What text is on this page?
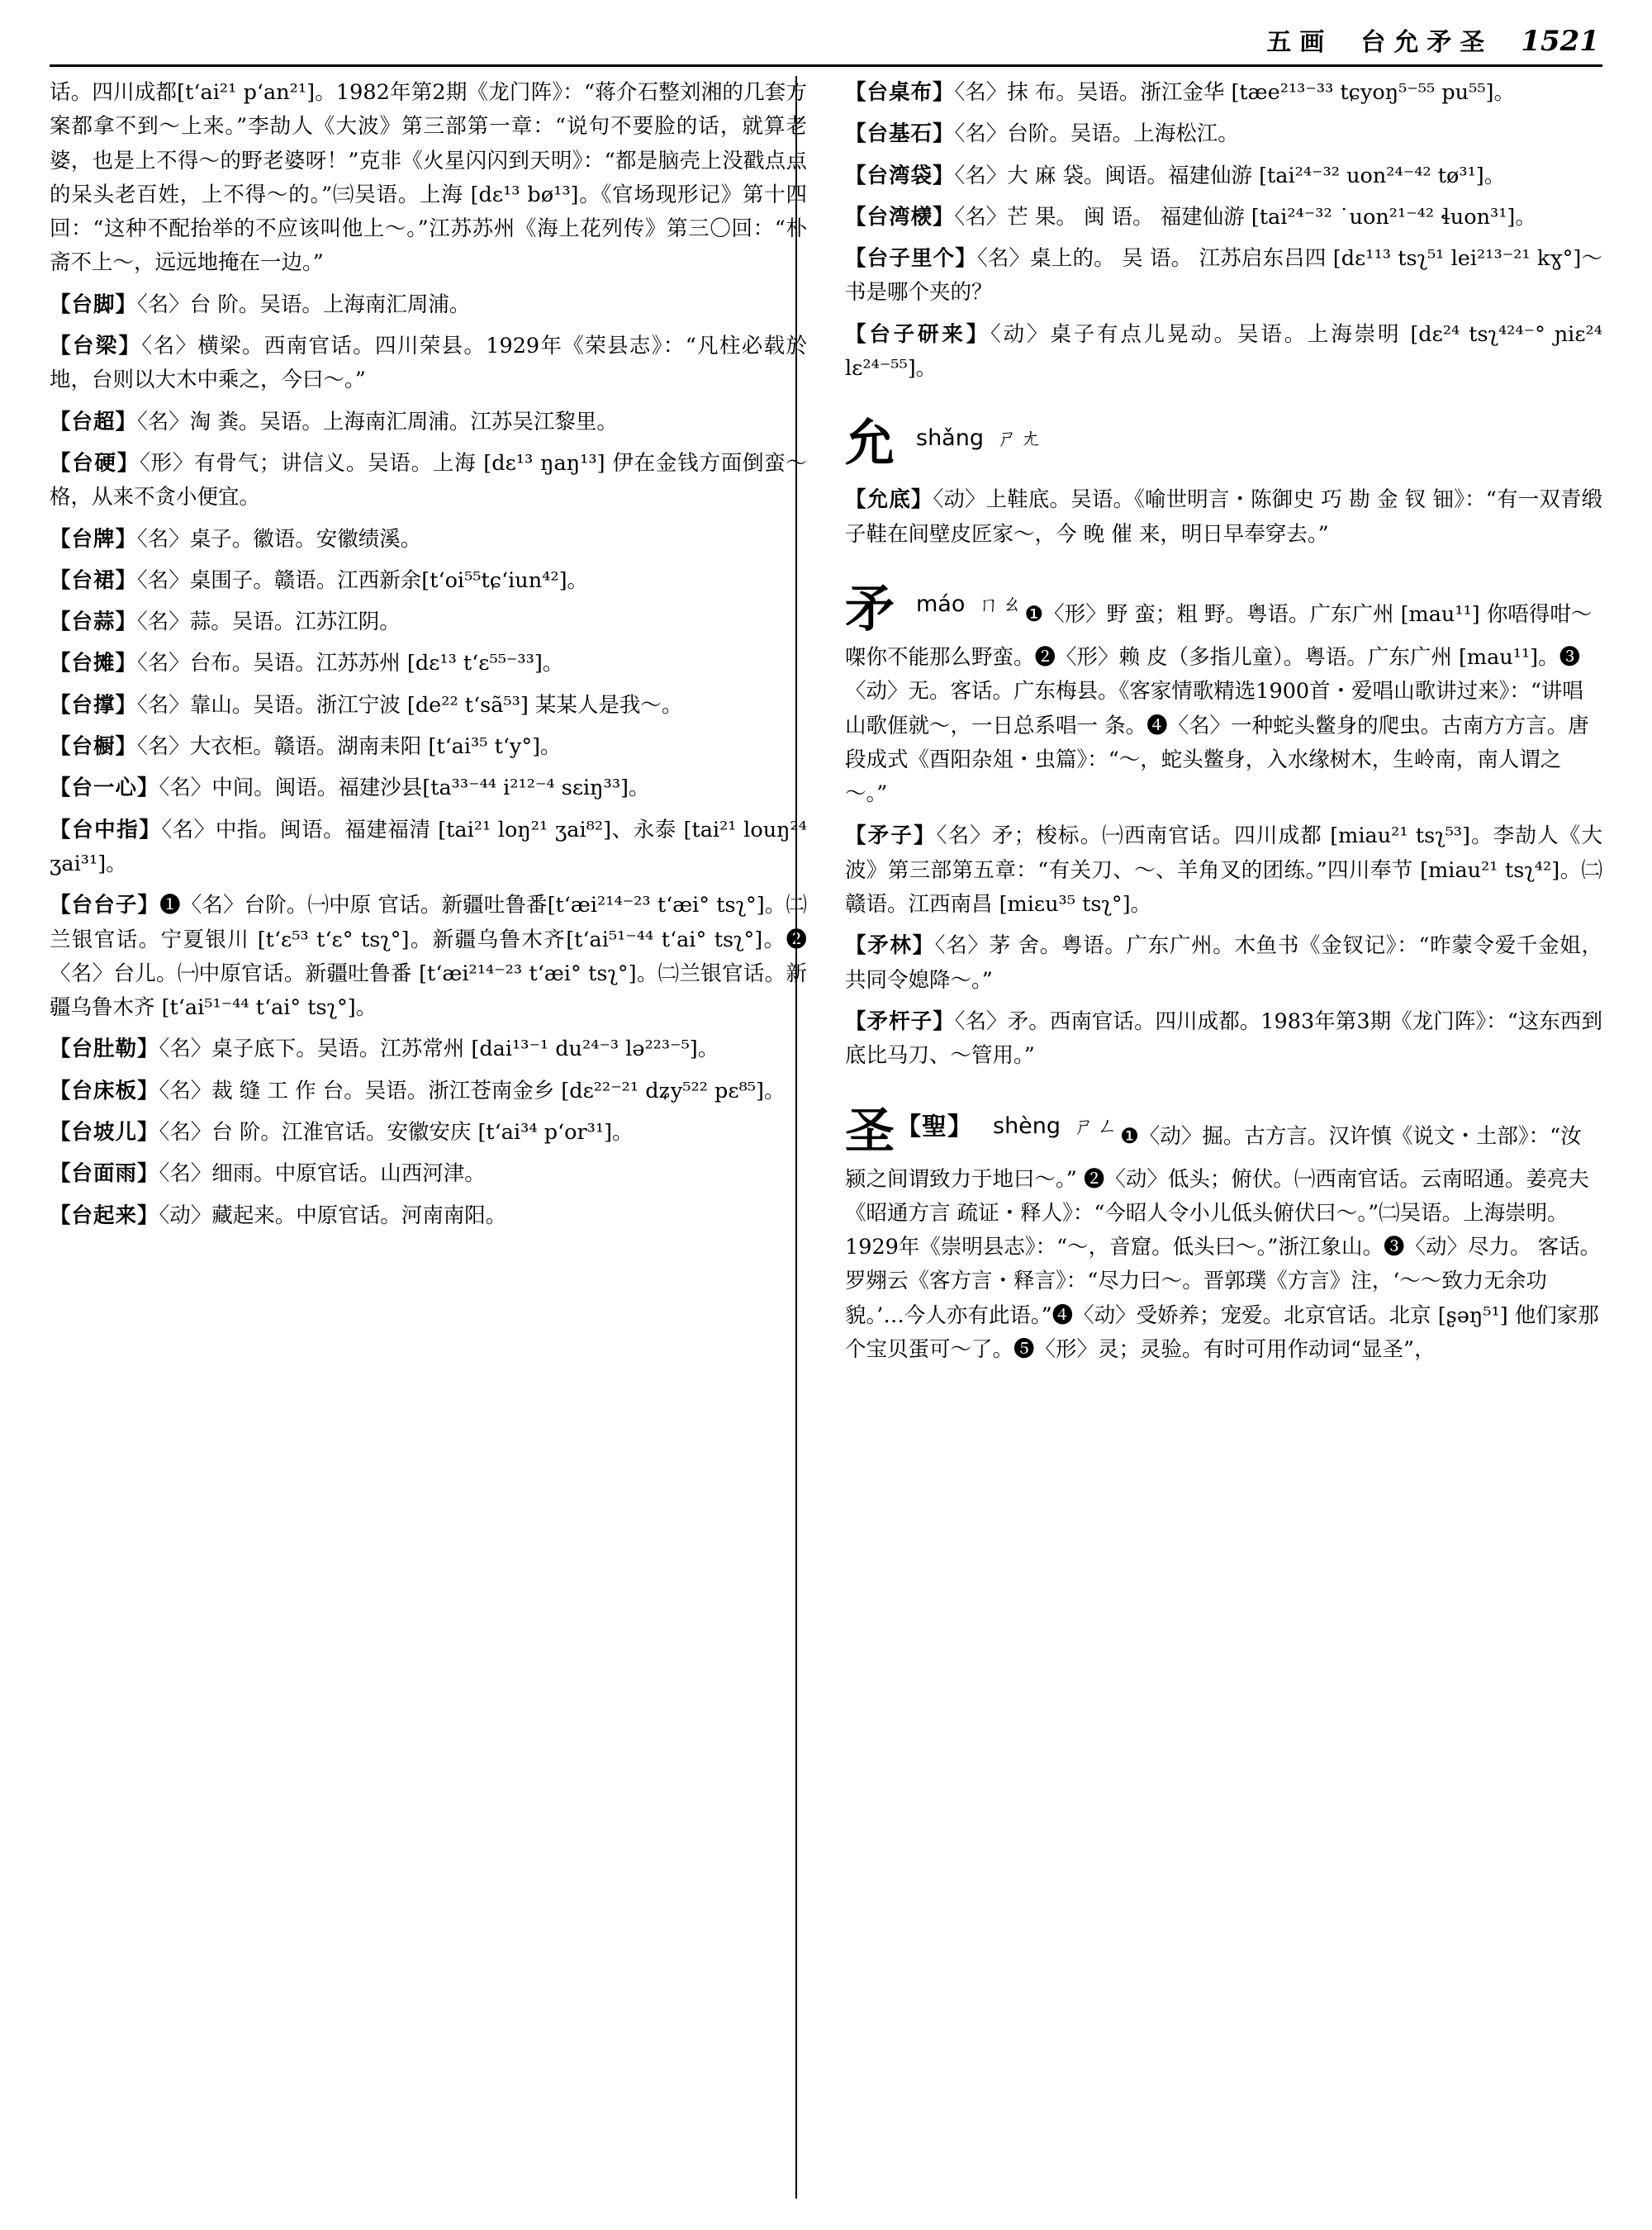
五画 台允矛圣 1521
话。四川成都[tʻai²¹ pʻan²¹]。1982年第2期《龙门阵》：“蒋介石整刘湘的几套方案都拿不到～上来。”李劼人《大波》第三部第一章：“说句不要脸的话，就算老婆，也是上不得～的野老婆呀！”克非《火星闪闪到天明》：“都是脑壳上没戳点点的呆头老百姓，上不得～的。”㈢吴语。上海 [dɛ¹³ bø¹³]。《官场现形记》第十四回：“这种不配抬举的不应该叫他上～。”江苏苏州《海上花列传》第三〇回：“朴斋不上～，远远地掩在一边。”
【台脚】〈名〉台 阶。吴语。上海南汇周浦。
【台梁】〈名〉横梁。西南官话。四川荣县。1929年《荣县志》：“凡柱必载於地，台则以大木中乘之，今曰～。”
【台超】〈名〉淘 粪。吴语。上海南汇周浦。江苏吴江黎里。
【台硬】〈形〉有骨气；讲信义。吴语。上海 [dɛ¹³ ŋaŋ¹³] 伊在金钱方面倒蛮～格，从来不贪小便宜。
【台牌】〈名〉桌子。徽语。安徽绩溪。
【台裙】〈名〉桌围子。赣语。江西新余[tʻoi⁵⁵tɕʻiun⁴²]。
【台蒜】〈名〉蒜。吴语。江苏江阴。
【台摊】〈名〉台布。吴语。江苏苏州 [dɛ¹³ tʻɛ⁵⁵⁻³³]。
【台撑】〈名〉靠山。吴语。浙江宁波 [de²² tʻsã⁵³] 某某人是我～。
【台橱】〈名〉大衣柜。赣语。湖南耒阳 [tʻai³⁵ tʻy°]。
【台一心】〈名〉中间。闽语。福建沙县[ta³³⁻⁴⁴ i²¹²⁻⁴ sɛiŋ³³]。
【台中指】〈名〉中指。闽语。福建福清 [tai²¹ loŋ²¹ ʒai⁸²]、永泰 [tai²¹ louŋ²⁴ ʒai³¹]。
【台台子】❶〈名〉台阶。㈠中原 官话。新疆吐鲁番[tʻæi²¹⁴⁻²³ tʻæi° tsʅ°]。㈡兰银官话。宁夏银川 [tʻɛ⁵³ tʻɛ° tsʅ°]。新疆乌鲁木齐[tʻai⁵¹⁻⁴⁴ tʻai° tsʅ°]。❷〈名〉台儿。㈠中原官话。新疆吐鲁番 [tʻæi²¹⁴⁻²³ tʻæi° tsʅ°]。㈡兰银官话。新疆乌鲁木齐 [tʻai⁵¹⁻⁴⁴ tʻai° tsʅ°]。
【台肚勒】〈名〉桌子底下。吴语。江苏常州 [dai¹³⁻¹ du²⁴⁻³ lə²²³⁻⁵]。
【台床板】〈名〉裁 缝 工 作 台。吴语。浙江苍南金乡 [dɛ²²⁻²¹ dʑy⁵²² pɛ⁸⁵]。
【台坡儿】〈名〉台 阶。江淮官话。安徽安庆 [tʻai³⁴ pʻor³¹]。
【台面雨】〈名〉细雨。中原官话。山西河津。
【台起来】〈动〉藏起来。中原官话。河南南阳。
【台桌布】〈名〉抹 布。吴语。浙江金华 [tæe²¹³⁻³³ tɕyoŋ⁵⁻⁵⁵ pu⁵⁵]。
【台基石】〈名〉台阶。吴语。上海松江。
【台湾袋】〈名〉大 麻 袋。闽语。福建仙游 [tai²⁴⁻³² uon²⁴⁻⁴² tø³¹]。
【台湾檨】〈名〉芒 果。 闽 语。 福建仙游 [tai²⁴⁻³² ˙uon²¹⁻⁴² ɬuon³¹]。
【台子里个】〈名〉桌上的。 吴 语。 江苏启东吕四 [dɛ¹¹³ tsʅ⁵¹ lei²¹³⁻²¹ kɣ°]～书是哪个夹的？
【台子研来】〈动〉桌子有点儿晃动。吴语。上海崇明 [dɛ²⁴ tsʅ⁴²⁴⁻° ɲiɛ²⁴ lɛ²⁴⁻⁵⁵]。
允shǎng ㄕㄤ
【允底】〈动〉上鞋底。吴语。《喻世明言・陈御史 巧 勘 金 钗 钿》：“有一双青缎子鞋在间壁皮匠家～，今 晚 催 来，明日早奉穿去。”
矛máo ㄇㄠ❶〈形〉野 蛮；粗 野。粤语。广东广州 [mau¹¹] 你唔得咁～㗎你不能那么野蛮。❷〈形〉赖 皮（多指儿童）。粤语。广东广州 [mau¹¹]。❸〈动〉无。客话。广东梅县。《客家情歌精选1900首・爱唱山歌讲过来》：“讲唱山歌𠊎就～，一日总系唱一 条。❹〈名〉一种蛇头鳖身的爬虫。古南方方言。唐段成式《酉阳杂俎・虫篇》：“～，蛇头鳖身，入水缘树木，生岭南，南人谓之～。”
【矛子】〈名〉矛；梭标。㈠西南官话。四川成都 [miau²¹ tsʅ⁵³]。李劼人《大波》第三部第五章：“有关刀、～、羊角叉的团练。”四川奉节 [miau²¹ tsʅ⁴²]。㈡赣语。江西南昌 [miɛu³⁵ tsʅ°]。
【矛林】〈名〉茅 舍。粤语。广东广州。木鱼书《金钗记》：“昨蒙令爱千金姐，共同令媳降～。”
【矛杆子】〈名〉矛。西南官话。四川成都。1983年第3期《龙门阵》：“这东西到底比马刀、～管用。”
圣【聖】 shèng ㄕㄥ❶〈动〉掘。古方言。汉许慎《说文・土部》：“汝颍之间谓致力于地曰～。” ❷〈动〉低头；俯伏。㈠西南官话。云南昭通。姜亮夫《昭通方言 疏证・释人》：“今昭人令小儿低头俯伏曰～。”㈡吴语。上海崇明。1929年《崇明县志》：“～，音窟。低头曰～。”浙江象山。❸〈动〉尽力。 客话。 罗翙云《客方言・释言》：“尽力曰～。晋郭璞《方言》注，‘～～致力无余功貌。’…今人亦有此语。”❹〈动〉受娇养；宠爱。北京官话。北京 [ʂəŋ⁵¹] 他们家那个宝贝蛋可～了。❺〈形〉灵；灵验。有时可用作动词“显圣”，
